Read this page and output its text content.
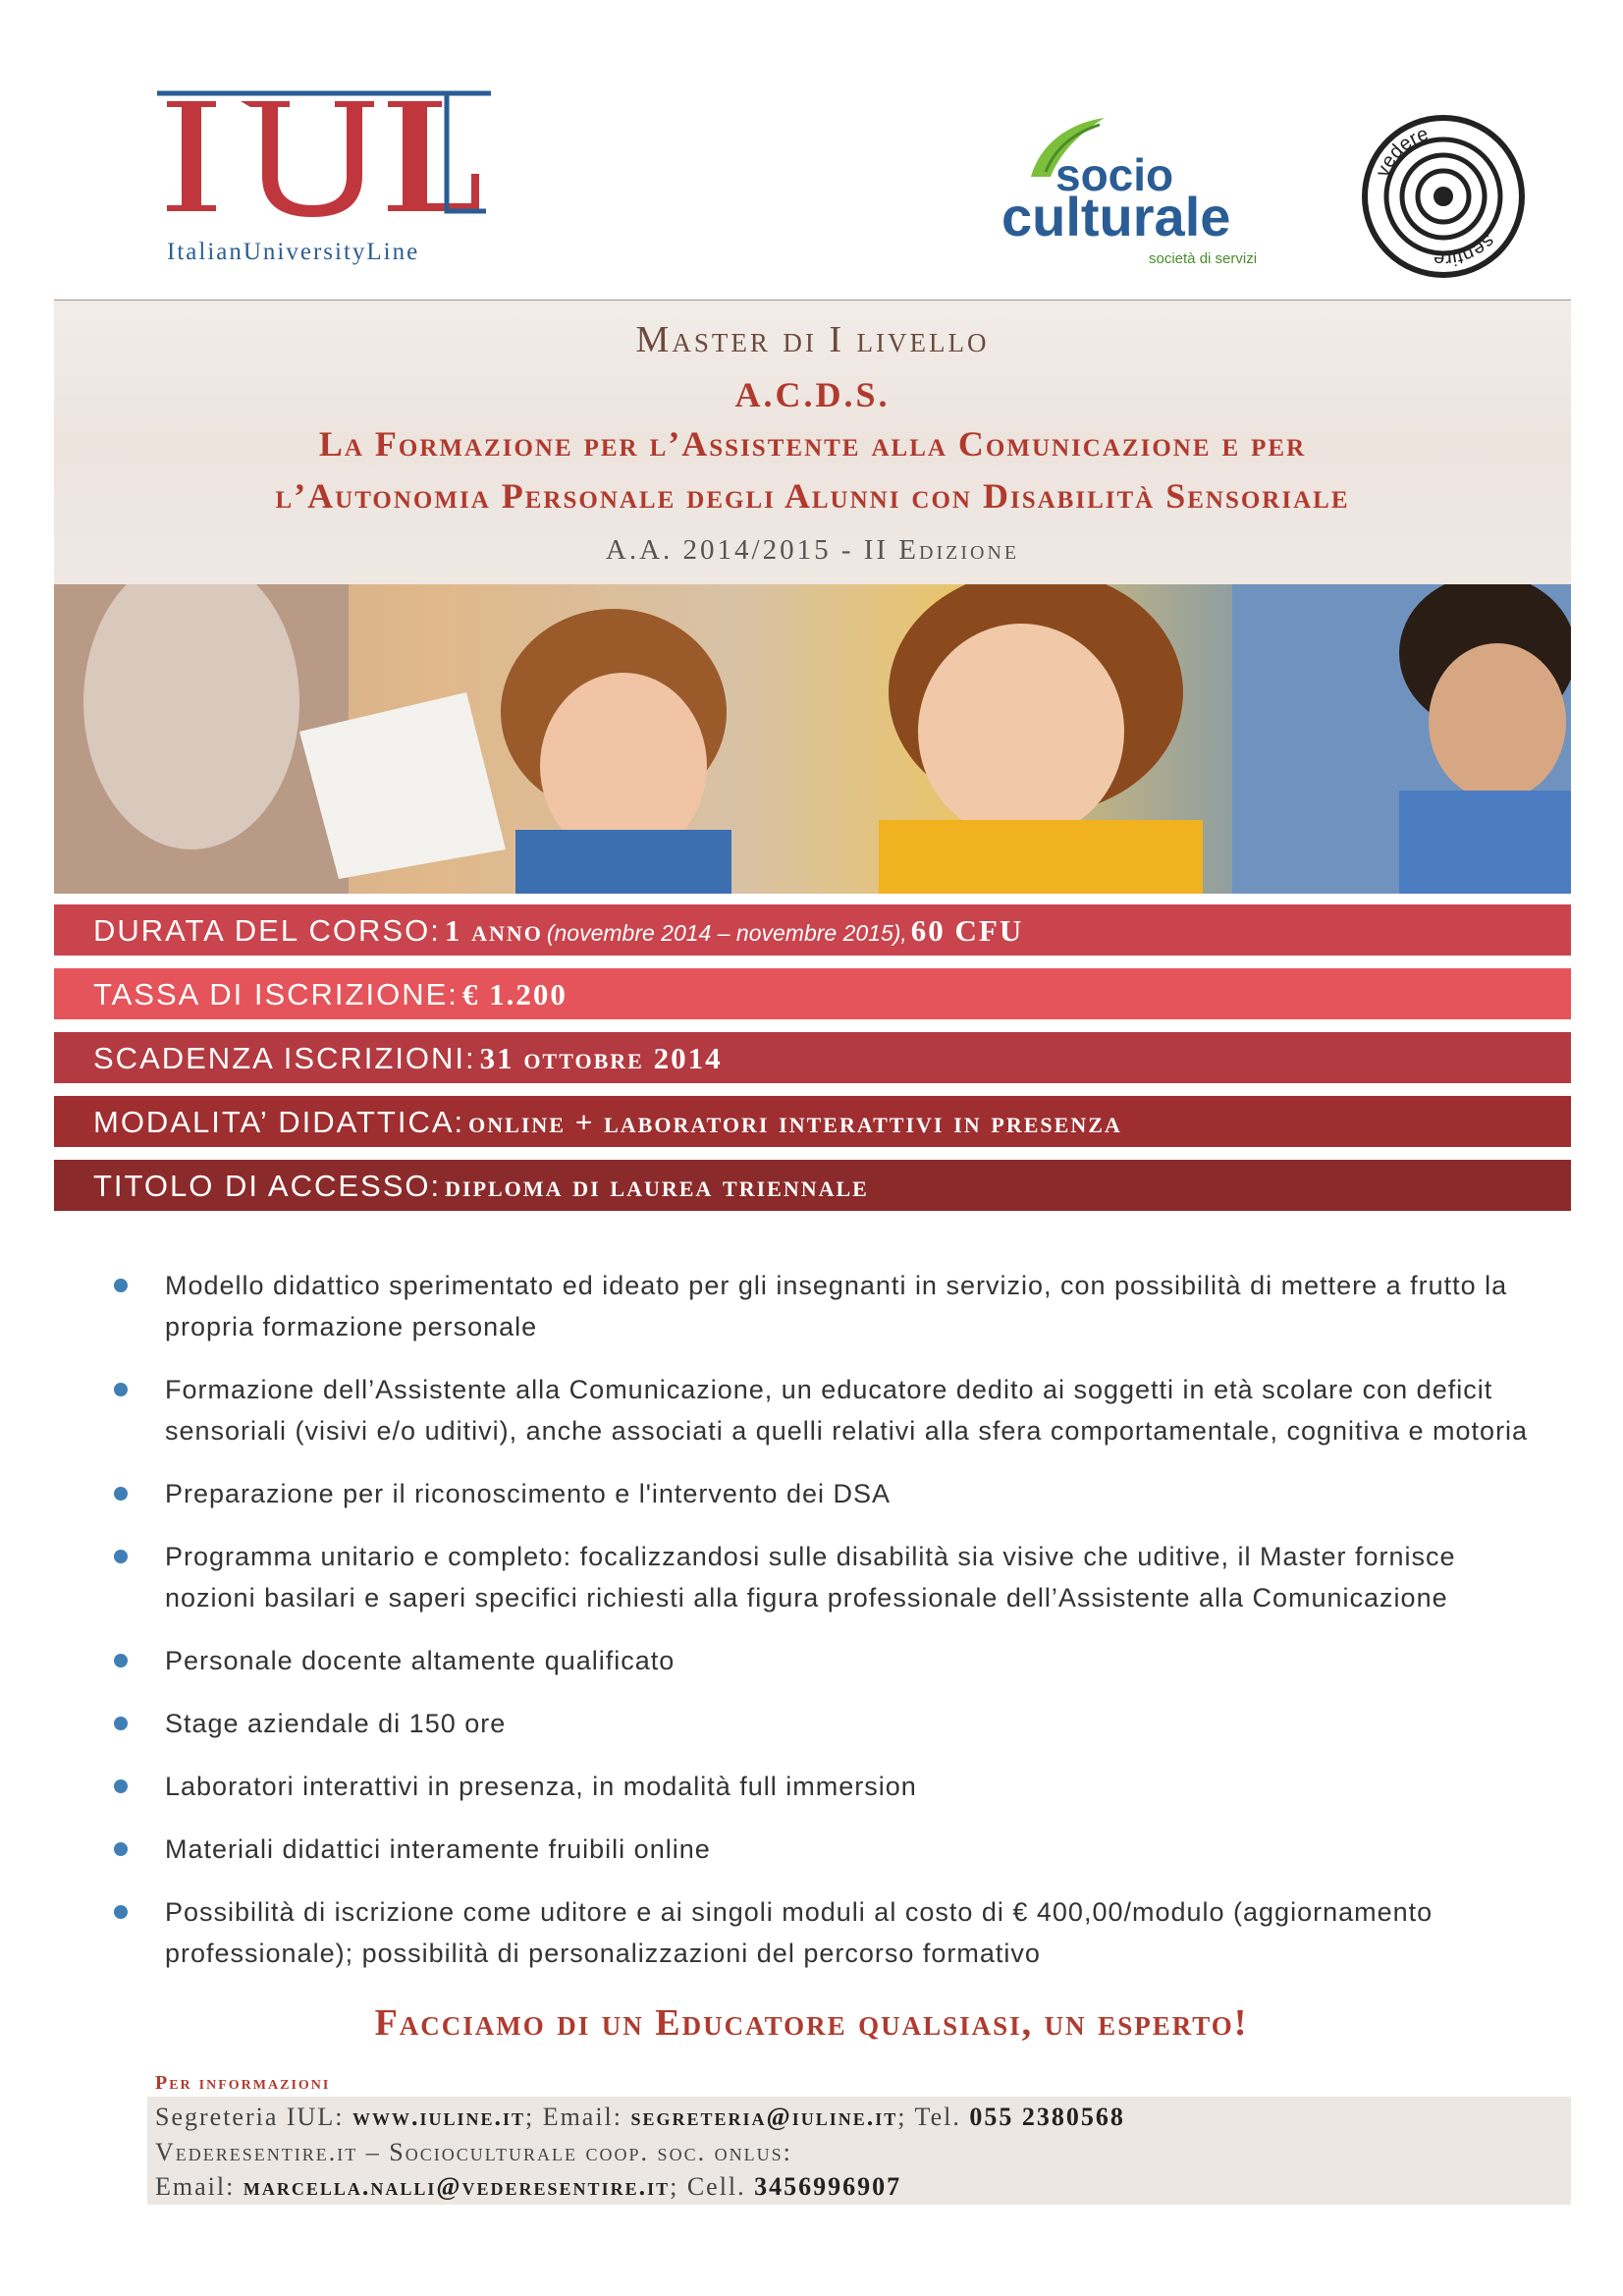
IUL
ItalianUniversityLine
socio
culturale
società di servizi
vedere
sentire
Master di I livello
A.C.D.S.
La Formazione per l’Assistente alla Comunicazione e per
l’Autonomia Personale degli Alunni con Disabilità Sensoriale
A.A. 2014/2015 - II Edizione
DURATA DEL CORSO: 1 anno (novembre 2014 – novembre 2015), 60 CFU
TASSA DI ISCRIZIONE: € 1.200
SCADENZA ISCRIZIONI: 31 ottobre 2014
MODALITA’ DIDATTICA: online + laboratori interattivi in presenza
TITOLO DI ACCESSO: diploma di laurea triennale
Modello didattico sperimentato ed ideato per gli insegnanti in servizio, con possibilità di mettere a frutto la propria formazione personale
Formazione dell’Assistente alla Comunicazione, un educatore dedito ai soggetti in età scolare con deficit sensoriali (visivi e/o uditivi), anche associati a quelli relativi alla sfera comportamentale, cognitiva e motoria
Preparazione per il riconoscimento e l'intervento dei DSA
Programma unitario e completo: focalizzandosi sulle disabilità sia visive che uditive, il Master fornisce nozioni basilari e saperi specifici richiesti alla figura professionale dell’Assistente alla Comunicazione
Personale docente altamente qualificato
Stage aziendale di 150 ore
Laboratori interattivi in presenza, in modalità full immersion
Materiali didattici interamente fruibili online
Possibilità di iscrizione come uditore e ai singoli moduli al costo di € 400,00/modulo (aggiornamento professionale); possibilità di personalizzazioni del percorso formativo
Facciamo di un Educatore qualsiasi, un esperto!
Per informazioni
Segreteria IUL: www.iuline.it; Email: segreteria@iuline.it; Tel. 055 2380568
Vederesentire.it – Socioculturale coop. soc. onlus:
Email: marcella.nalli@vederesentire.it; Cell. 3456996907
